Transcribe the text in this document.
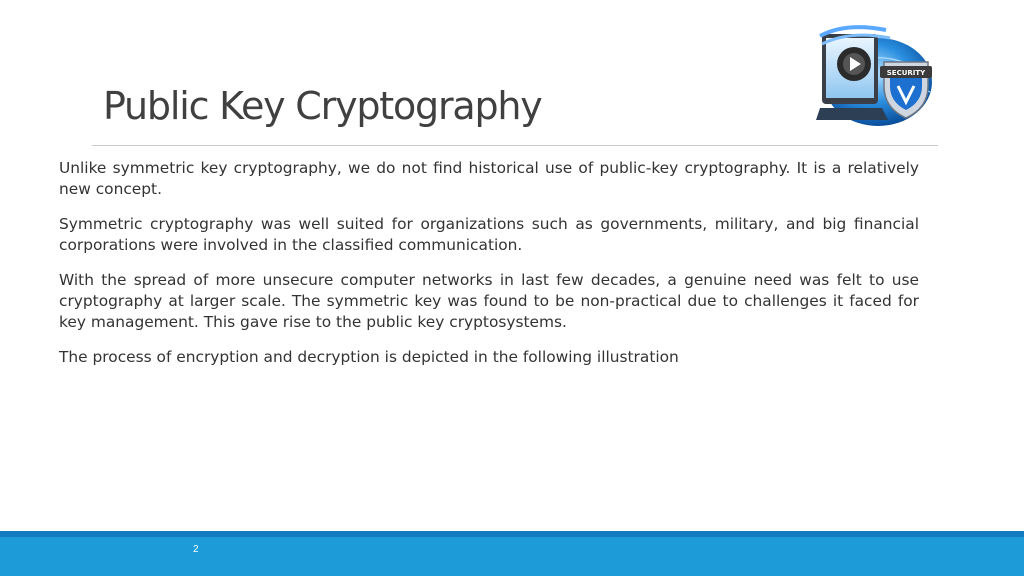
Public Key Cryptography
SECURITY

Unlike symmetric key cryptography, we do not find historical use of public-key cryptography. It is a relatively new concept.

Symmetric cryptography was well suited for organizations such as governments, military, and big financial corporations were involved in the classified communication.

With the spread of more unsecure computer networks in last few decades, a genuine need was felt to use cryptography at larger scale. The symmetric key was found to be non-practical due to challenges it faced for key management. This gave rise to the public key cryptosystems.

The process of encryption and decryption is depicted in the following illustration

2
